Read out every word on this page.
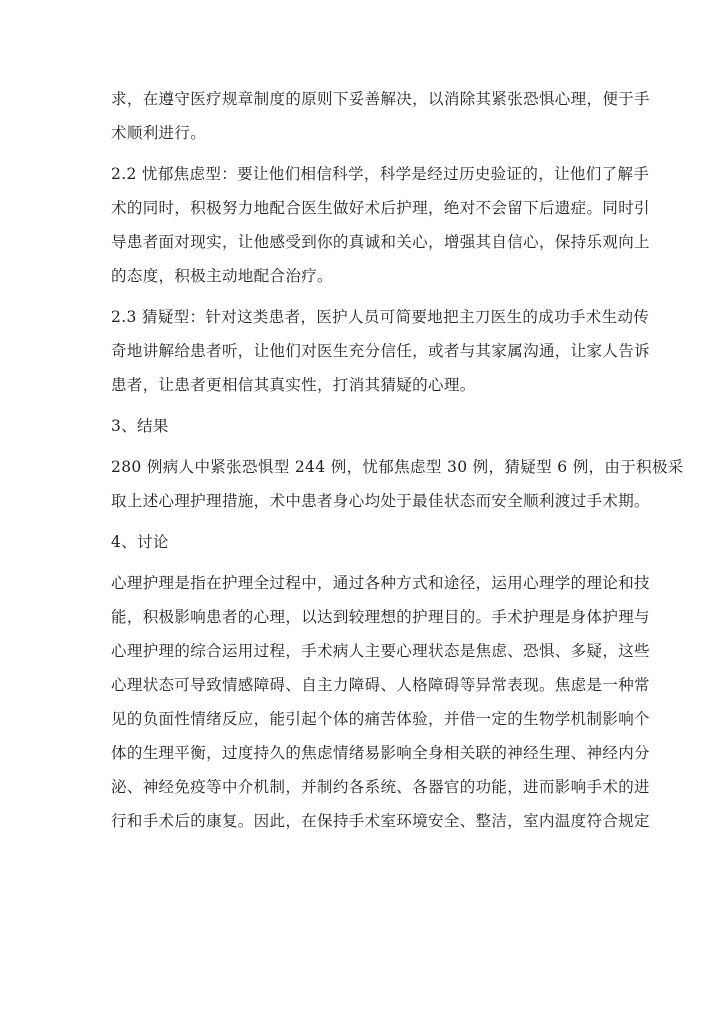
求，在遵守医疗规章制度的原则下妥善解决，以消除其紧张恐惧心理，便于手
术顺利进行。
2.2 忧郁焦虑型：要让他们相信科学，科学是经过历史验证的，让他们了解手
术的同时，积极努力地配合医生做好术后护理，绝对不会留下后遗症。同时引
导患者面对现实，让他感受到你的真诚和关心，增强其自信心，保持乐观向上
的态度，积极主动地配合治疗。
2.3 猜疑型：针对这类患者，医护人员可简要地把主刀医生的成功手术生动传
奇地讲解给患者听，让他们对医生充分信任，或者与其家属沟通，让家人告诉
患者，让患者更相信其真实性，打消其猜疑的心理。
3、结果
280 例病人中紧张恐惧型 244 例，忧郁焦虑型 30 例，猜疑型 6 例，由于积极采
取上述心理护理措施，术中患者身心均处于最佳状态而安全顺利渡过手术期。
4、讨论
心理护理是指在护理全过程中，通过各种方式和途径，运用心理学的理论和技
能，积极影响患者的心理，以达到较理想的护理目的。手术护理是身体护理与
心理护理的综合运用过程，手术病人主要心理状态是焦虑、恐惧、多疑，这些
心理状态可导致情感障碍、自主力障碍、人格障碍等异常表现。焦虑是一种常
见的负面性情绪反应，能引起个体的痛苦体验，并借一定的生物学机制影响个
体的生理平衡，过度持久的焦虑情绪易影响全身相关联的神经生理、神经内分
泌、神经免疫等中介机制，并制约各系统、各器官的功能，进而影响手术的进
行和手术后的康复。因此，在保持手术室环境安全、整洁，室内温度符合规定
